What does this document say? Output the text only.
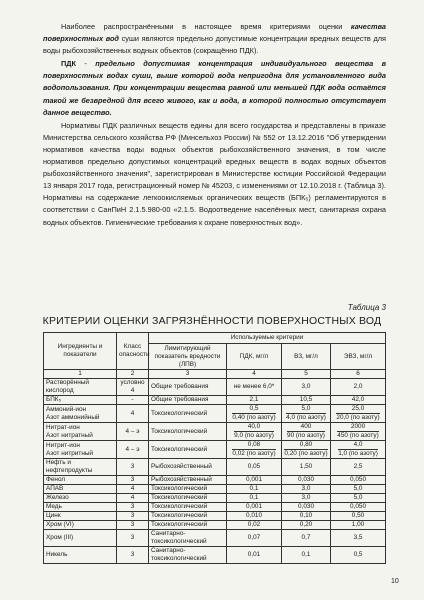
Наиболее распространёнными в настоящее время критериями оценки качества поверхностных вод суши являются предельно допустимые концентрации вредных веществ для воды рыбохозяйственных водных объектов (сокращённо ПДК).

ПДК - предельно допустимая концентрация индивидуального вещества в поверхностных водах суши, выше которой вода непригодна для установленного вида водопользования. При концентрации вещества равной или меньшей ПДК вода остаётся такой же безвредной для всего живого, как и вода, в которой полностью отсутствует данное вещество.

Нормативы ПДК различных веществ едины для всего государства и представлены в приказе Министерства сельского хозяйства РФ (Минсельхоз России) № 552 от 13.12.2016 "Об утверждении нормативов качества воды водных объектов рыбохозяйственного значения, в том числе нормативов предельно допустимых концентраций вредных веществ в водах водных объектов рыбохозяйственного значения", зарегистрирован в Министерстве юстиции Российской Федерации 13 января 2017 года, регистрационный номер № 45203, с изменениями от 12.10.2018 г. (Таблица 3). Нормативы на содержание легкоокисляемых органических веществ (БПК₅) регламентируются в соответствии с СанПиН 2.1.5.980-00 «2.1.5. Водоотведение населённых мест, санитарная охрана водных объектов. Гигиенические требования к охране поверхностных вод».

Таблица 3
КРИТЕРИИ ОЦЕНКИ ЗАГРЯЗНЁННОСТИ ПОВЕРХНОСТНЫХ ВОД
Ингредиенты и показатели	Класс опасности	Используемые критерии			
		Лимитирующий показатель вредности (ЛПВ)	ПДК, мг/л	ВЗ, мг/л	ЭВЗ, мг/л
1	2	3	4	5	6
Растворённый кислород	условно 4	Общие требования	не менее 6,0*	3,0	2,0
БПК₅	-	Общие требования	2,1	10,5	42,0
Аммоний-ион
Азот аммонийный	4	Токсикологический	$\frac{0,5}{\text{0,40 (по азоту)}}$	$\frac{5,0}{\text{4,0 (по азоту)}}$	$\frac{25,0}{\text{20,0 (по азоту)}}$

Нитрат-ион
Азот нитратный	4 – э	Токсикологический	$\frac{40,0}{\text{9,0 (по азоту)}}$	$\frac{400}{\text{90 (по азоту)}}$	$\frac{2000}{\text{450 (по азоту)}}$

Нитрит-ион
Азот нитритный	4 – э	Токсикологический	$\frac{0,08}{\text{0,02 (по азоту)}}$	$\frac{0,80}{\text{0,20 (по азоту)}}$	$\frac{4,0}{\text{1,0 (по азоту)}}$

Нефть и нефтепродукты	3	Рыбохозяйственный	0,05	1,50	2,5
Фенол	3	Рыбохозяйственный	0,001	0,030	0,050
АПАВ	4	Токсикологический	0,1	3,0	5,0
Железо	4	Токсикологический	0,1	3,0	5,0
Медь	3	Токсикологический	0,001	0,030	0,050
Цинк	3	Токсикологический	0,010	0,10	0,50
Хром (VI)	3	Токсикологический	0,02	0,20	1,00
Хром (III)	3	Санитарно-токсикологический	0,07	0,7	3,5
Никель	3	Санитарно-токсикологический	0,01	0,1	0,5
10
